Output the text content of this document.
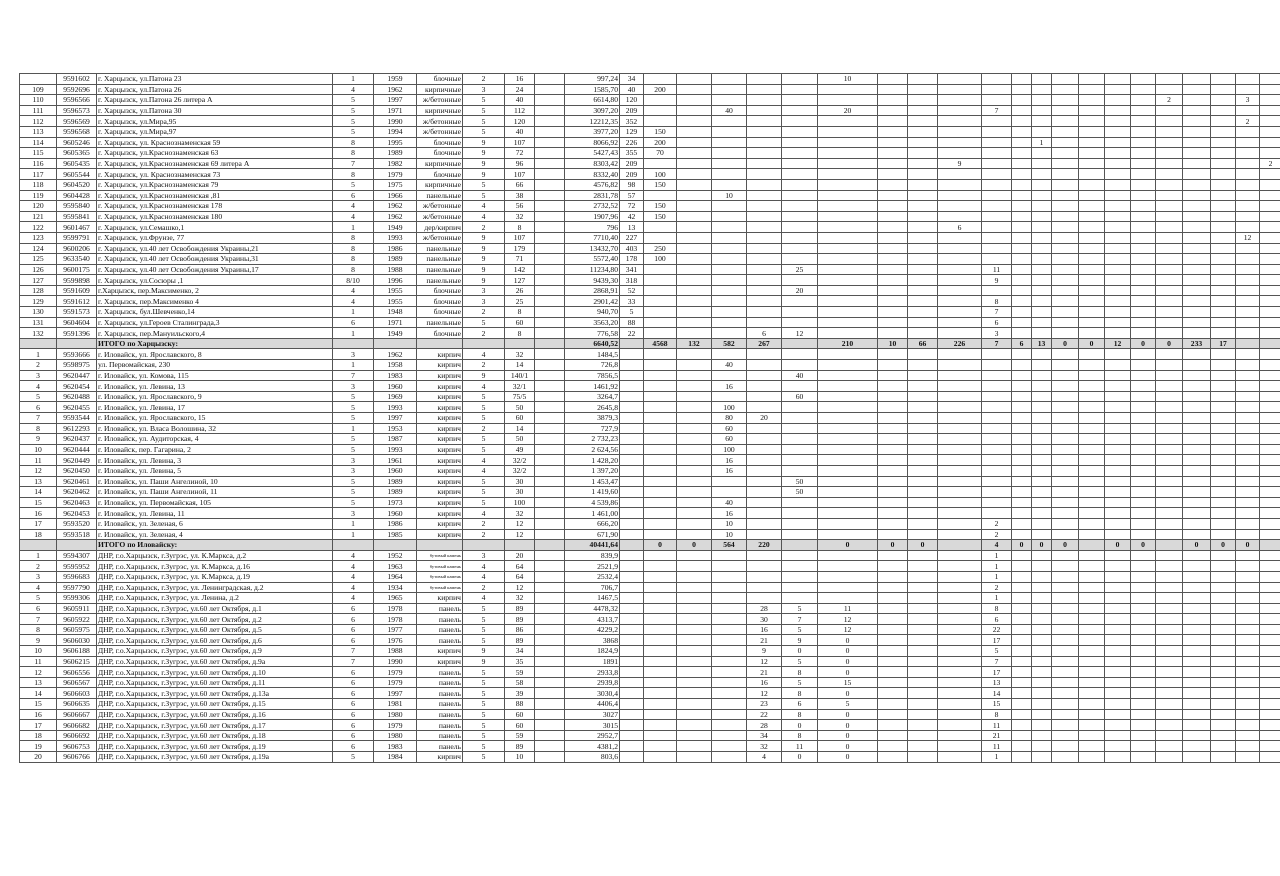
	9591602	г. Харцызск, ул.Патона 23	1	1959	блочные	2	16		997,24	34						10															
109	9592696	г. Харцызск, ул.Патона 26	4	1962	кирпичные	3	24		1585,70	40	200																				
110	9596566	г. Харцызск, ул.Патона 26 литера А	5	1997	ж/бетонные	5	40		6614,80	120																	2			3	
111	9596573	г. Харцызск, ул.Патона 30	5	1971	кирпичные	5	112		3097,20	209			40			20				7											
112	9596569	г. Харцызск, ул.Мира,95	5	1990	ж/бетонные	5	120		12212,35	352																				2	
113	9596568	г. Харцызск, ул.Мира,97	5	1994	ж/бетонные	5	40		3977,20	129	150																				
114	9605246	г. Харцызск, ул. Краснознаменская 59	8	1995	блочные	9	107		8066,92	226	200											1									
115	9605365	г. Харцызск, ул.Краснознаменская 63	8	1989	блочные	9	72		5427,43	355	70																				
116	9605435	г. Харцызск, ул.Краснознаменская 69 литера А	7	1982	кирпичные	9	96		8303,42	209									9												2
117	9605544	г. Харцызск, ул. Краснознаменская 73	8	1979	блочные	9	107		8332,40	209	100																				
118	9604520	г. Харцызск, ул.Краснознаменская 79	5	1975	кирпичные	5	66		4576,82	98	150																				
119	9604428	г. Харцызск, ул.Краснознаменская ,81	6	1966	панельные	5	38		2831,78	57			10																		
120	9595840	г. Харцызск, ул.Краснознаменская 178	4	1962	ж/бетонные	4	56		2732,52	72	150																				
121	9595841	г. Харцызск, ул.Краснознаменская 180	4	1962	ж/бетонные	4	32		1907,96	42	150																				
122	9601467	г. Харцызск, ул.Семашко,1	1	1949	дер/кирпич	2	8		796	13									6												
123	9599791	г. Харцызск, ул.Фрунзе, 77	8	1993	ж/бетонные	9	107		7710,40	227																				12	
124	9600206	г. Харцызск, ул.40 лет Освобождения Украины,21	8	1986	панельные	9	179		13432,70	403	250																				
125	9633540	г. Харцызск, ул.40 лет Освобождения Украины,31	8	1989	панельные	9	71		5572,40	178	100																				
126	9600175	г. Харцызск, ул.40 лет Освобождения Украины,17	8	1988	панельные	9	142		11234,80	341					25					11											
127	9599898	г. Харцызск, ул.Сосюры ,1	8/10	1996	панельные	9	127		9439,30	318										9											
128	9591609	г.Харцызск, пер.Максименко, 2	4	1955	блочные	3	26		2868,91	52					20																
129	9591612	г. Харцызск, пер.Максименко 4	4	1955	блочные	3	25		2901,42	33										8											
130	9591573	г. Харцызск, бул.Шевченко,14	1	1948	блочные	2	8		940,70	5										7											
131	9604604	г. Харцызск, ул.Героев Сталинграда,3	6	1971	панельные	5	60		3563,20	88										6											
132	9591396	г. Харцызск, пер.Мануильского,4	1	1949	блочные	2	8		776,58	22				6	12					3											
		ИТОГО по Харцызску:							6640,52		4568	132	582	267		210	10	66	226	7	6	13	0	0	12	0	0	233	17		
1	9593666	г. Иловайск, ул. Ярославского, 8	3	1962	кирпич	4	32		1484,5																						
2	9598975	ул. Первомайская, 230	1	1958	кирпич	2	14		726,8				40																		
3	9620447	г. Иловайск, ул. Комова, 115	7	1983	кирпич	9	140/1		7856,5						40																
4	9620454	г. Иловайск, ул. Левина, 13	3	1960	кирпич	4	32/1		1461,92				16																		
5	9620488	г. Иловайск, ул. Ярославского, 9	5	1969	кирпич	5	75/5		3264,7						60																
6	9620455	г. Иловайск, ул. Левина, 17	5	1993	кирпич	5	50		2645,8				100																		
7	9593544	г. Иловайск, ул. Ярославского, 15	5	1997	кирпич	5	60		3879,3				80	20																	
8	9612293	г. Иловайск, ул. Власа Волошина, 32	1	1953	кирпич	2	14		727,9				60																		
9	9620437	г. Иловайск, ул. Аудиторская, 4	5	1987	кирпич	5	50		2 732,23				60																		
10	9620444	г. Иловайск, пер. Гагарина, 2	5	1993	кирпич	5	49		2 624,56				100																		
11	9620449	г. Иловайск, ул. Левина, 3	3	1961	кирпич	4	32/2		1 428,20				16																		
12	9620450	г. Иловайск, ул. Левина, 5	3	1960	кирпич	4	32/2		1 397,20				16																		
13	9620461	г. Иловайск, ул. Паши Ангелиной, 10	5	1989	кирпич	5	30		1 453,47						50																
14	9620462	г. Иловайск, ул. Паши Ангелиной, 11	5	1989	кирпич	5	30		1 419,60						50																
15	9620463	г. Иловайск, ул. Первомайская, 105	5	1973	кирпич	5	100		4 539,86				40																		
16	9620453	г. Иловайск, ул. Левина, 11	3	1960	кирпич	4	32		1 461,00				16																		
17	9593520	г. Иловайск, ул. Зеленая, 6	1	1986	кирпич	2	12		666,20				10							2											
18	9593518	г. Иловайск, ул. Зеленая, 4	1	1985	кирпич	2	12		671,90				10							2											
		ИТОГО по Иловайску:							40441,64		0	0	564	220		0	0	0		4	0	0	0		0	0		0	0	0	
1	9594307	ДНР, г.о.Харцызск, г.Зугрэс, ул. К.Маркса, д.2	4	1952	бутовый камень	3	20		839,9											1											
2	9595952	ДНР, г.о.Харцызск, г.Зугрэс, ул. К.Маркса, д.16	4	1963	бутовый камень	4	64		2521,9											1											
3	9596683	ДНР, г.о.Харцызск, г.Зугрэс, ул. К.Маркса, д.19	4	1964	бутовый камень	4	64		2532,4											1											
4	9597790	ДНР, г.о.Харцызск, г.Зугрэс, ул. Ленинградская, д.2	4	1934	бутовый камень	2	12		706,7											2											
5	9599306	ДНР, г.о.Харцызск, г.Зугрэс, ул. Ленина, д.2	4	1965	кирпич	4	32		1467,5											1											
6	9605911	ДНР, г.о.Харцызск, г.Зугрэс, ул.60 лет Октября, д.1	6	1978	панель	5	89		4478,32					28	5	11				8											
7	9605922	ДНР, г.о.Харцызск, г.Зугрэс, ул.60 лет Октября, д.2	6	1978	панель	5	89		4313,7					30	7	12				6											
8	9605975	ДНР, г.о.Харцызск, г.Зугрэс, ул.60 лет Октября, д.5	6	1977	панель	5	86		4229,2					16	5	12				22											
9	9606030	ДНР, г.о.Харцызск, г.Зугрэс, ул.60 лет Октября, д.6	6	1976	панель	5	89		3868					21	9	0				17											
10	9606188	ДНР, г.о.Харцызск, г.Зугрэс, ул.60 лет Октября, д.9	7	1988	кирпич	9	34		1824,9					9	0	0				5											
11	9606215	ДНР, г.о.Харцызск, г.Зугрэс, ул.60 лет Октября, д.9а	7	1990	кирпич	9	35		1891					12	5	0				7											
12	9606556	ДНР, г.о.Харцызск, г.Зугрэс, ул.60 лет Октября, д.10	6	1979	панель	5	59		2933,8					21	8	0				17											
13	9606567	ДНР, г.о.Харцызск, г.Зугрэс, ул.60 лет Октября, д.11	6	1979	панель	5	58		2939,8					16	5	15				13											
14	9606603	ДНР, г.о.Харцызск, г.Зугрэс, ул.60 лет Октября, д.13а	6	1997	панель	5	39		3030,4					12	8	0				14											
15	9606635	ДНР, г.о.Харцызск, г.Зугрэс, ул.60 лет Октября, д.15	6	1981	панель	5	88		4406,4					23	6	5				15											
16	9606667	ДНР, г.о.Харцызск, г.Зугрэс, ул.60 лет Октября, д.16	6	1980	панель	5	60		3027					22	8	0				8											
17	9606682	ДНР, г.о.Харцызск, г.Зугрэс, ул.60 лет Октября, д.17	6	1979	панель	5	60		3015					28	0	0				11											
18	9606692	ДНР, г.о.Харцызск, г.Зугрэс, ул.60 лет Октября, д.18	6	1980	панель	5	59		2952,7					34	8	0				21											
19	9606753	ДНР, г.о.Харцызск, г.Зугрэс, ул.60 лет Октября, д.19	6	1983	панель	5	89		4381,2					32	11	0				11											
20	9606766	ДНР, г.о.Харцызск, г.Зугрэс, ул.60 лет Октября, д.19а	5	1984	кирпич	5	10		803,6					4	0	0				1											
